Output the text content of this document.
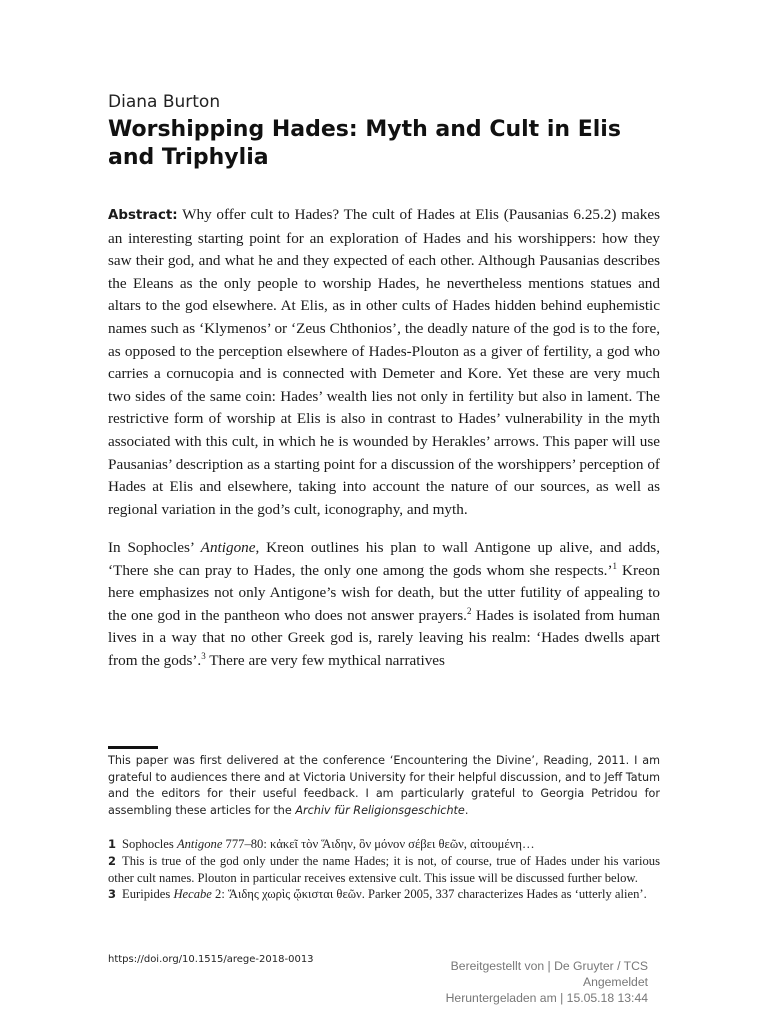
Diana Burton
Worshipping Hades: Myth and Cult in Elis and Triphylia

Abstract: Why offer cult to Hades? The cult of Hades at Elis (Pausanias 6.25.2) makes an interesting starting point for an exploration of Hades and his worshippers: how they saw their god, and what he and they expected of each other. Although Pausanias describes the Eleans as the only people to worship Hades, he nevertheless mentions statues and altars to the god elsewhere. At Elis, as in other cults of Hades hidden behind euphemistic names such as ‘Klymenos’ or ‘Zeus Chthonios’, the deadly nature of the god is to the fore, as opposed to the perception elsewhere of Hades-Plouton as a giver of fertility, a god who carries a cornucopia and is connected with Demeter and Kore. Yet these are very much two sides of the same coin: Hades’ wealth lies not only in fertility but also in lament. The restrictive form of worship at Elis is also in contrast to Hades’ vulnerability in the myth associated with this cult, in which he is wounded by Herakles’ arrows. This paper will use Pausanias’ description as a starting point for a discussion of the worshippers’ perception of Hades at Elis and elsewhere, taking into account the nature of our sources, as well as regional variation in the god’s cult, iconography, and myth.

In Sophocles’ Antigone, Kreon outlines his plan to wall Antigone up alive, and adds, ‘There she can pray to Hades, the only one among the gods whom she respects.’$^1$ Kreon here emphasizes not only Antigone’s wish for death, but the utter futility of appealing to the one god in the pantheon who does not answer prayers.$^2$ Hades is isolated from human lives in a way that no other Greek god is, rarely leaving his realm: ‘Hades dwells apart from the gods’.$^3$ There are very few mythical narratives

This paper was first delivered at the conference ‘Encountering the Divine’, Reading, 2011. I am grateful to audiences there and at Victoria University for their helpful discussion, and to Jeff Tatum and the editors for their useful feedback. I am particularly grateful to Georgia Petridou for assembling these articles for the Archiv für Religionsgeschichte.

1 Sophocles Antigone 777–80: κἀκεῖ τὸν Ἅιδην, ὃν μόνον σέβει θεῶν, αἰτουμένη…
2 This is true of the god only under the name Hades; it is not, of course, true of Hades under his various other cult names. Plouton in particular receives extensive cult. This issue will be discussed further below.
3 Euripides Hecabe 2: Ἅιδης χωρὶς ᾤκισται θεῶν. Parker 2005, 337 characterizes Hades as ‘utterly alien’.
https://doi.org/10.1515/arege-2018-0013	Bereitgestellt von | De Gruyter / TCS
Angemeldet
Heruntergeladen am | 15.05.18 13:44
